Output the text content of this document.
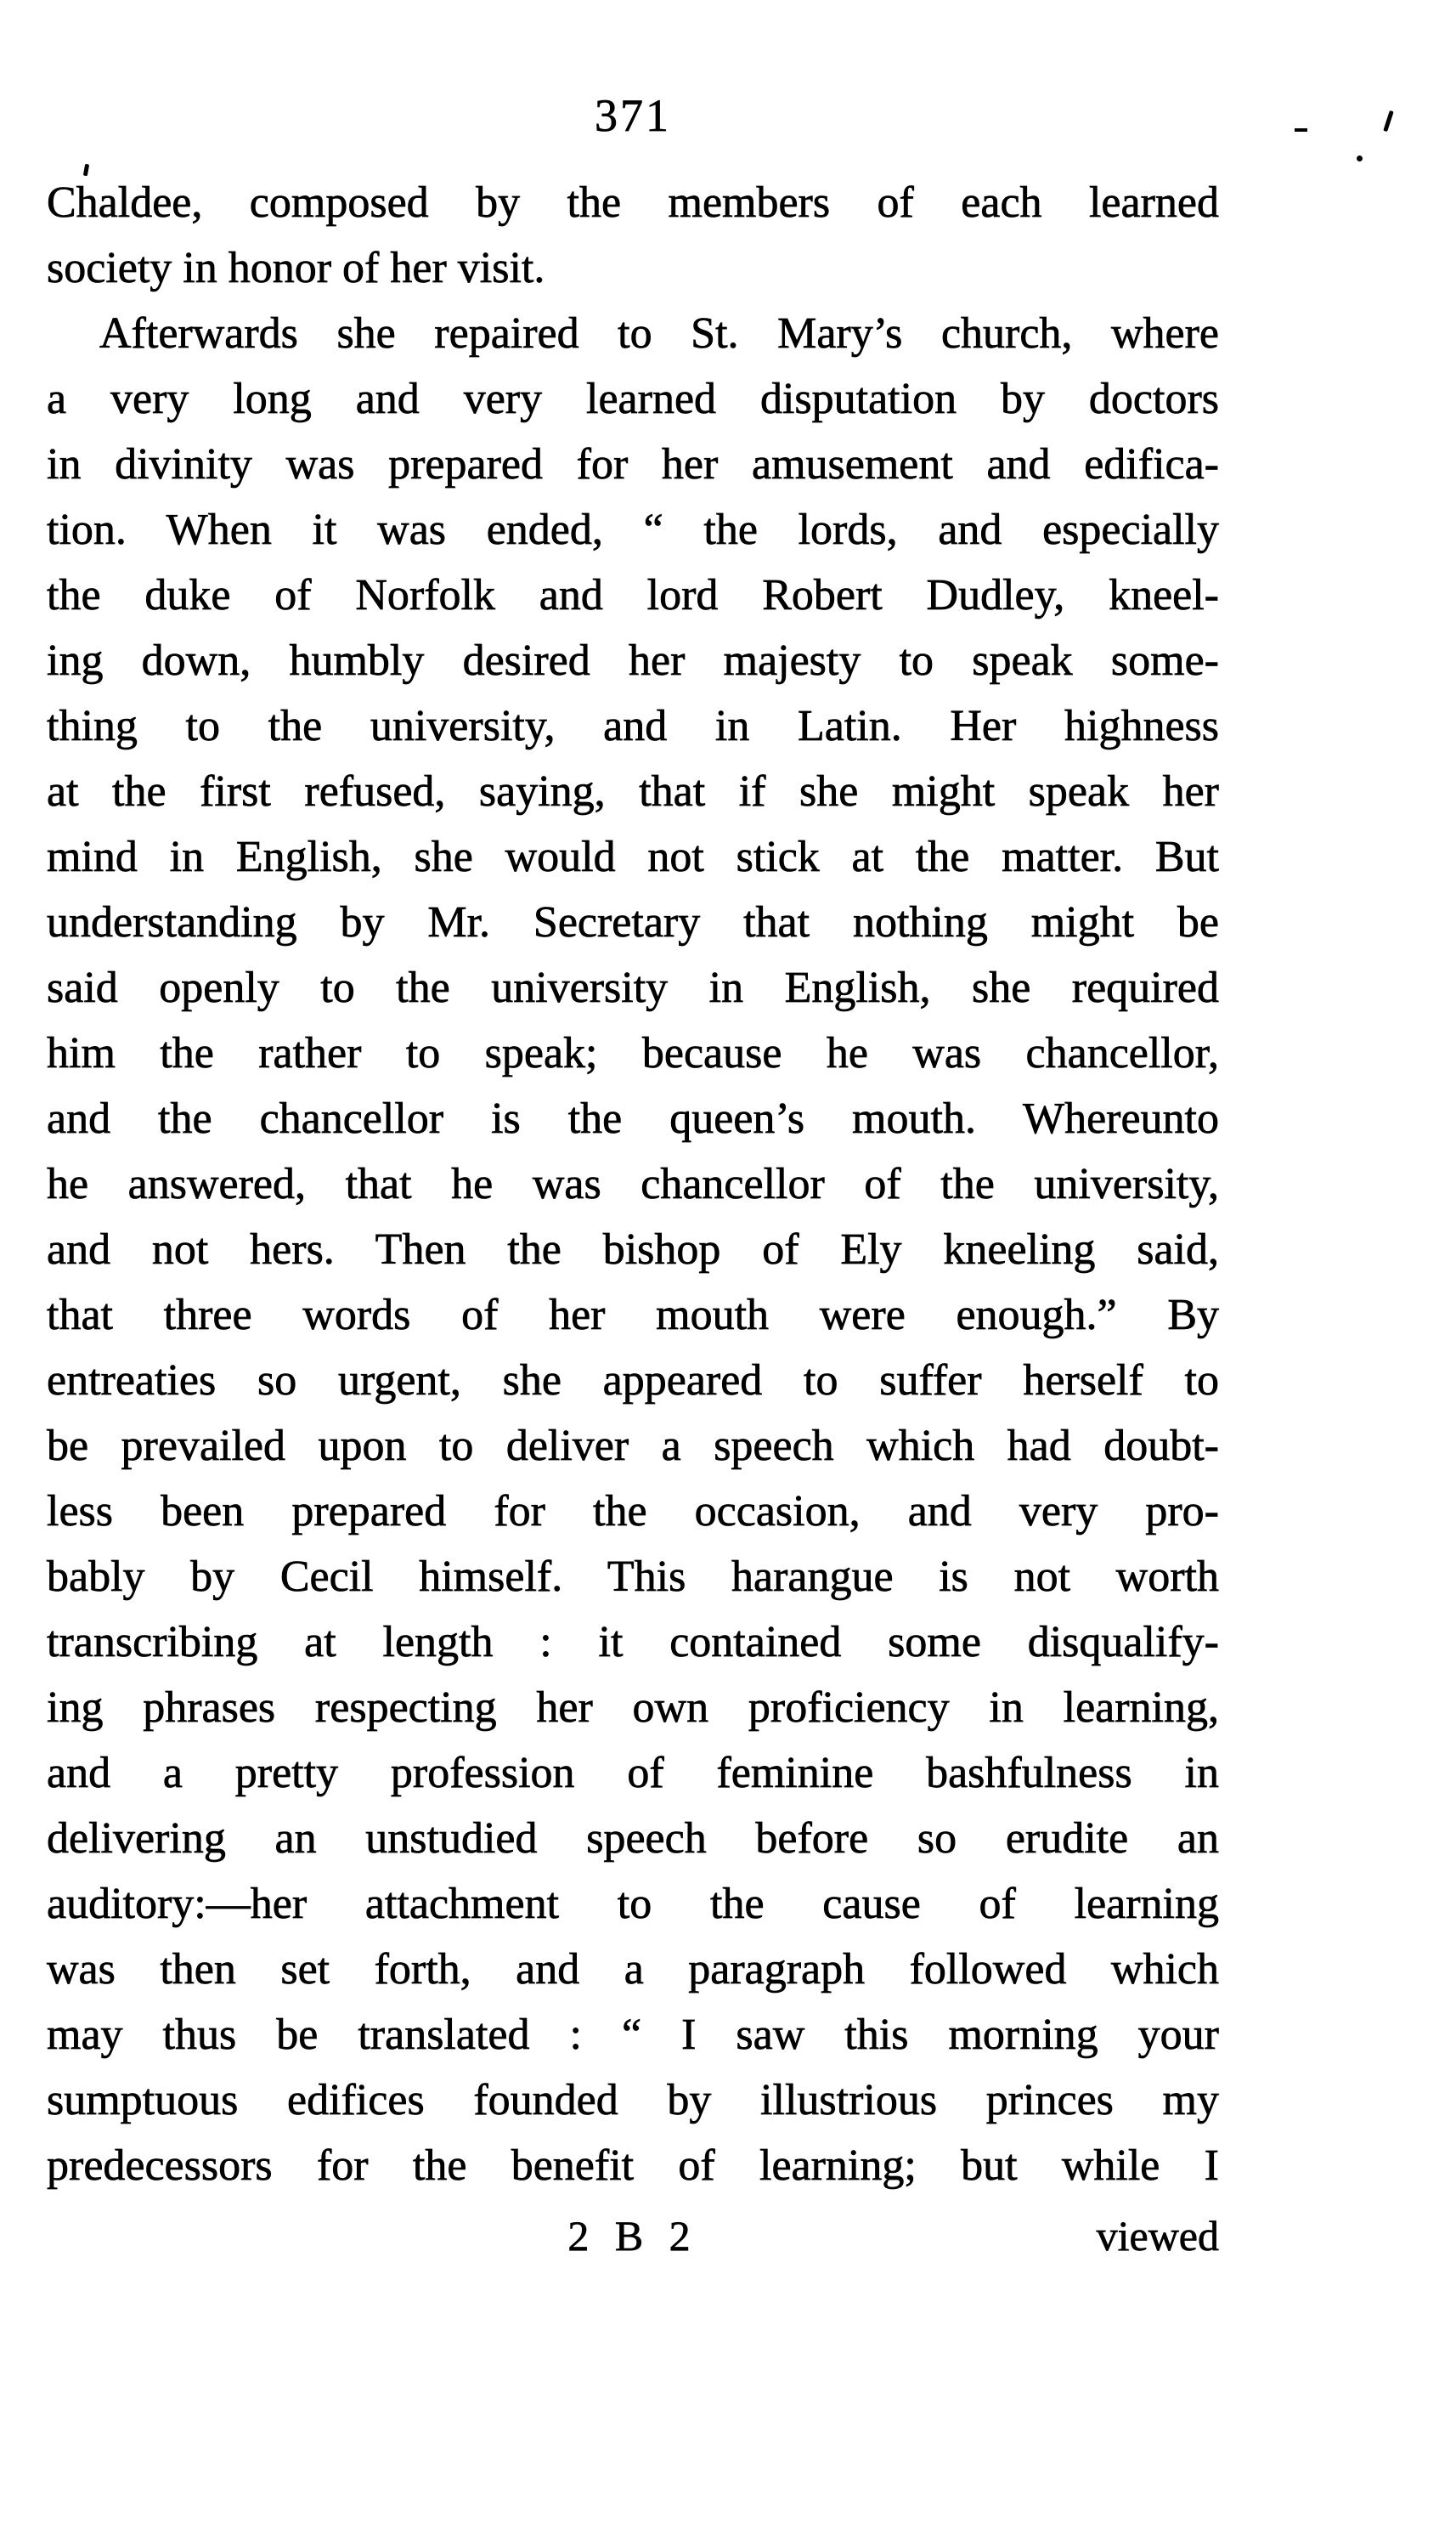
371
Chaldee, composed by the members of each learned
society in honor of her visit.
Afterwards she repaired to St. Mary’s church, where
a very long and very learned disputation by doctors
in divinity was prepared for her amusement and edifica-
tion. When it was ended, “ the lords, and especially
the duke of Norfolk and lord Robert Dudley, kneel-
ing down, humbly desired her majesty to speak some-
thing to the university, and in Latin. Her highness
at the first refused, saying, that if she might speak her
mind in English, she would not stick at the matter. But
understanding by Mr. Secretary that nothing might be
said openly to the university in English, she required
him the rather to speak; because he was chancellor,
and the chancellor is the queen’s mouth. Whereunto
he answered, that he was chancellor of the university,
and not hers. Then the bishop of Ely kneeling said,
that three words of her mouth were enough.” By
entreaties so urgent, she appeared to suffer herself to
be prevailed upon to deliver a speech which had doubt-
less been prepared for the occasion, and very pro-
bably by Cecil himself. This harangue is not worth
transcribing at length : it contained some disqualify-
ing phrases respecting her own proficiency in learning,
and a pretty profession of feminine bashfulness in
delivering an unstudied speech before so erudite an
auditory:—her attachment to the cause of learning
was then set forth, and a paragraph followed which
may thus be translated : “ I saw this morning your
sumptuous edifices founded by illustrious princes my
predecessors for the benefit of learning; but while I
2 B 2	viewed
